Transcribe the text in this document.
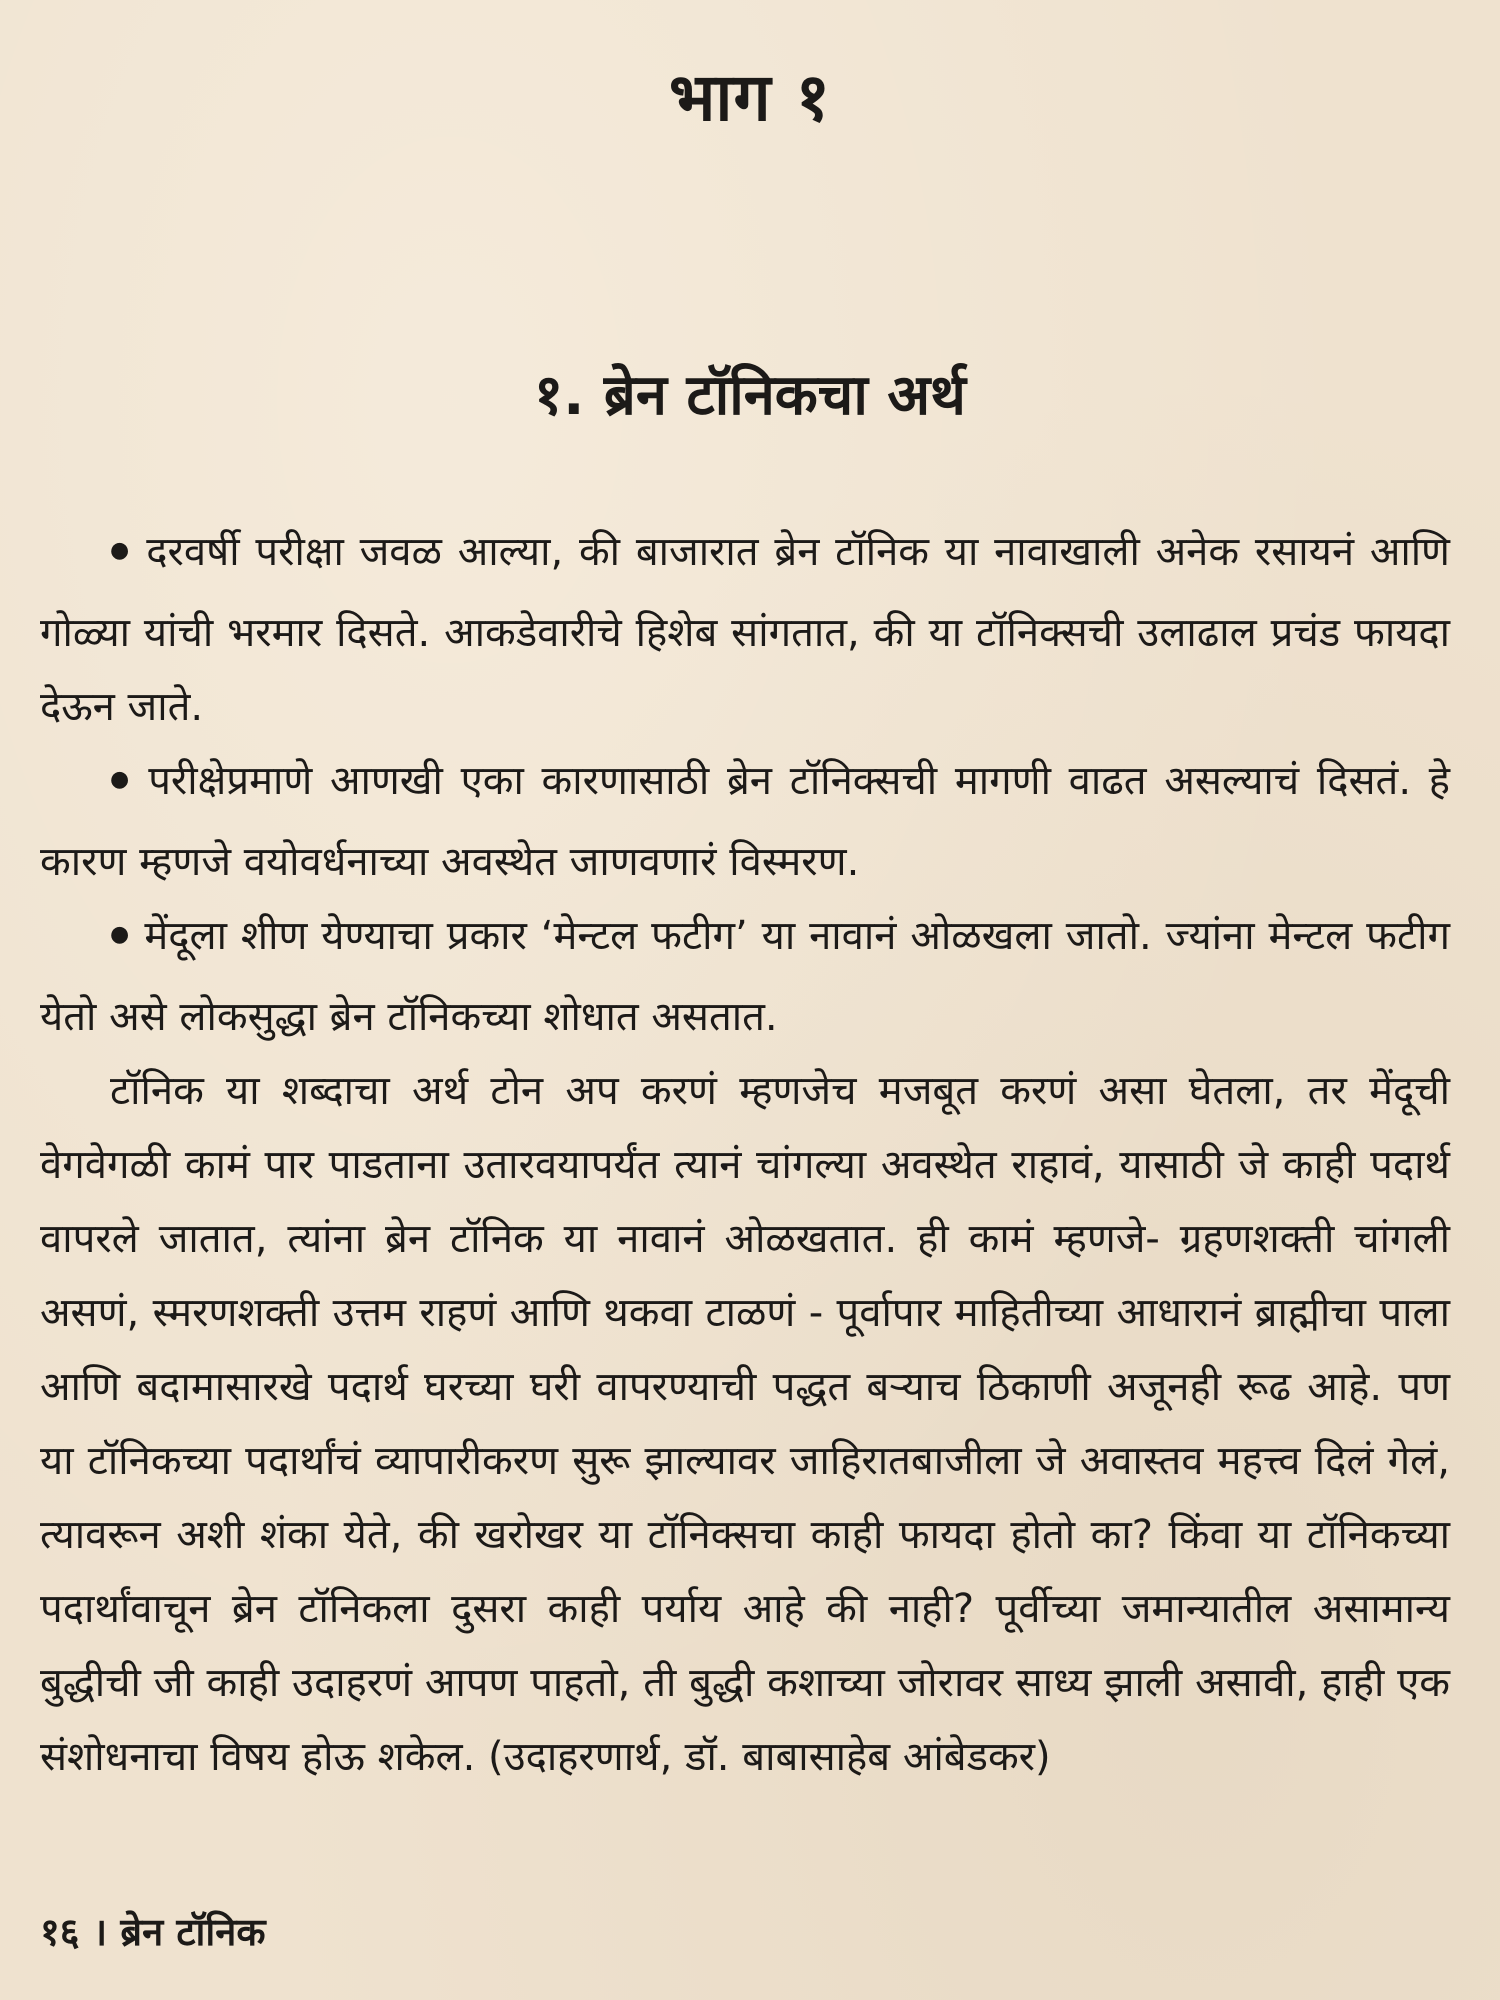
भाग १
१. ब्रेन टॉनिकचा अर्थ

● दरवर्षी परीक्षा जवळ आल्या, की बाजारात ब्रेन टॉनिक या नावाखाली अनेक रसायनं आणि गोळ्या यांची भरमार दिसते. आकडेवारीचे हिशेब सांगतात, की या टॉनिक्सची उलाढाल प्रचंड फायदा देऊन जाते.

● परीक्षेप्रमाणे आणखी एका कारणासाठी ब्रेन टॉनिक्सची मागणी वाढत असल्याचं दिसतं. हे कारण म्हणजे वयोवर्धनाच्या अवस्थेत जाणवणारं विस्मरण.

● मेंदूला शीण येण्याचा प्रकार ‘मेन्टल फटीग’ या नावानं ओळखला जातो. ज्यांना मेन्टल फटीग येतो असे लोकसुद्धा ब्रेन टॉनिकच्या शोधात असतात.

टॉनिक या शब्दाचा अर्थ टोन अप करणं म्हणजेच मजबूत करणं असा घेतला, तर मेंदूची वेगवेगळी कामं पार पाडताना उतारवयापर्यंत त्यानं चांगल्या अवस्थेत राहावं, यासाठी जे काही पदार्थ वापरले जातात, त्यांना ब्रेन टॉनिक या नावानं ओळखतात. ही कामं म्हणजे- ग्रहणशक्ती चांगली असणं, स्मरणशक्ती उत्तम राहणं आणि थकवा टाळणं - पूर्वापार माहितीच्या आधारानं ब्राह्मीचा पाला आणि बदामासारखे पदार्थ घरच्या घरी वापरण्याची पद्धत बऱ्याच ठिकाणी अजूनही रूढ आहे. पण या टॉनिकच्या पदार्थांचं व्यापारीकरण सुरू झाल्यावर जाहिरातबाजीला जे अवास्तव महत्त्व दिलं गेलं, त्यावरून अशी शंका येते, की खरोखर या टॉनिक्सचा काही फायदा होतो का? किंवा या टॉनिकच्या पदार्थांवाचून ब्रेन टॉनिकला दुसरा काही पर्याय आहे की नाही? पूर्वीच्या जमान्यातील असामान्य बुद्धीची जी काही उदाहरणं आपण पाहतो, ती बुद्धी कशाच्या जोरावर साध्य झाली असावी, हाही एक संशोधनाचा विषय होऊ शकेल. (उदाहरणार्थ, डॉ. बाबासाहेब आंबेडकर)

१६ । ब्रेन टॉनिक
